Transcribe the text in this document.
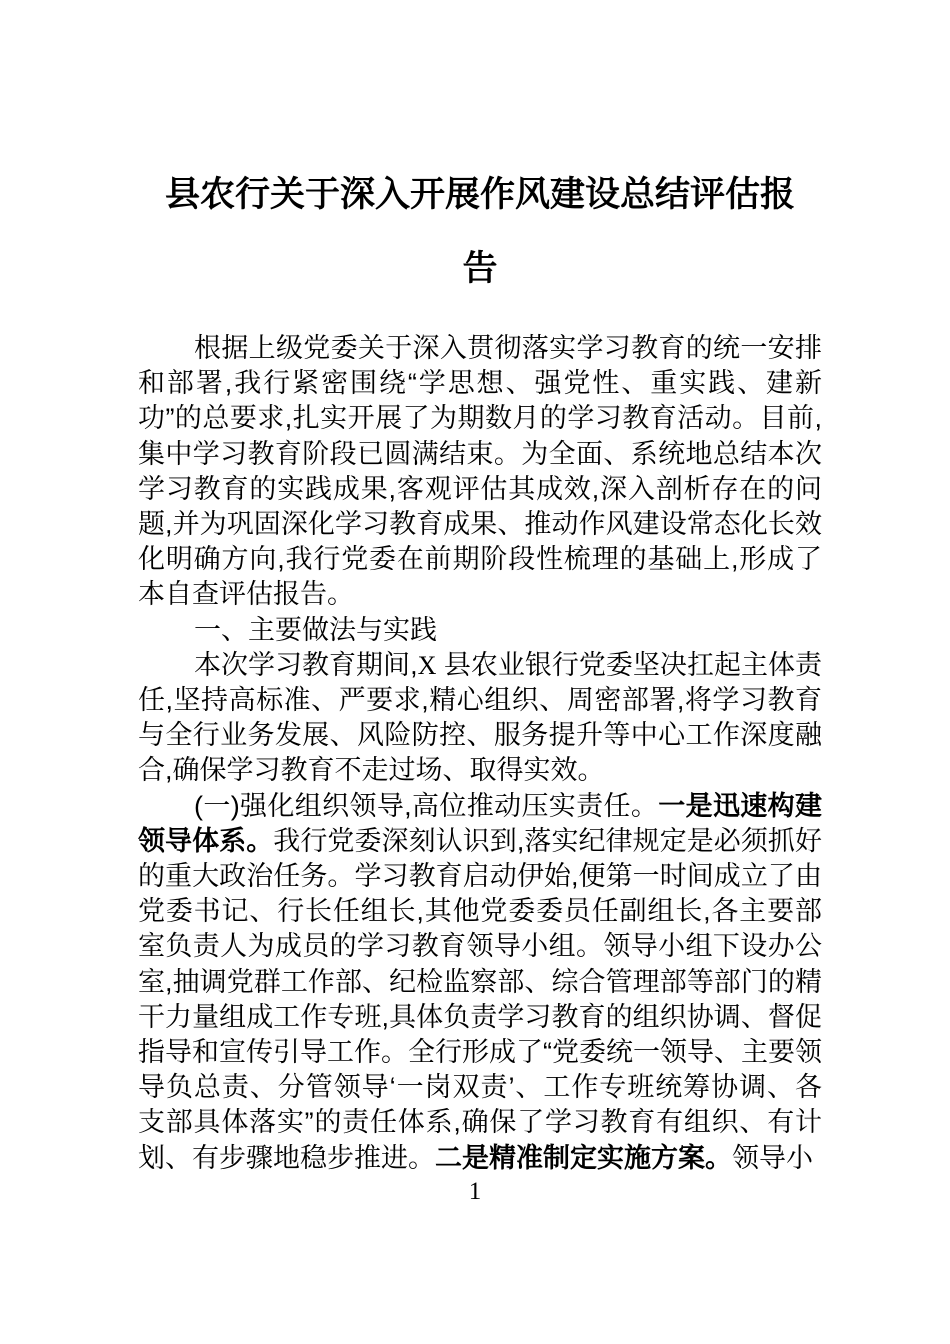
县农行关于深入开展作风建设总结评估报
告

根据上级党委关于深入贯彻落实学习教育的统一安排和部署,我行紧密围绕“学思想、强党性、重实践、建新功”的总要求,扎实开展了为期数月的学习教育活动。目前,集中学习教育阶段已圆满结束。为全面、系统地总结本次学习教育的实践成果,客观评估其成效,深入剖析存在的问题,并为巩固深化学习教育成果、推动作风建设常态化长效化明确方向,我行党委在前期阶段性梳理的基础上,形成了本自查评估报告。

一、主要做法与实践

本次学习教育期间,X 县农业银行党委坚决扛起主体责任,坚持高标准、严要求,精心组织、周密部署,将学习教育与全行业务发展、风险防控、服务提升等中心工作深度融合,确保学习教育不走过场、取得实效。

(一)强化组织领导,高位推动压实责任。一是迅速构建领导体系。我行党委深刻认识到,落实纪律规定是必须抓好的重大政治任务。学习教育启动伊始,便第一时间成立了由党委书记、行长任组长,其他党委委员任副组长,各主要部室负责人为成员的学习教育领导小组。领导小组下设办公室,抽调党群工作部、纪检监察部、综合管理部等部门的精干力量组成工作专班,具体负责学习教育的组织协调、督促指导和宣传引导工作。全行形成了“党委统一领导、主要领导负总责、分管领导‘一岗双责’、工作专班统筹协调、各支部具体落实”的责任体系,确保了学习教育有组织、有计划、有步骤地稳步推进。二是精准制定实施方案。领导小

1
